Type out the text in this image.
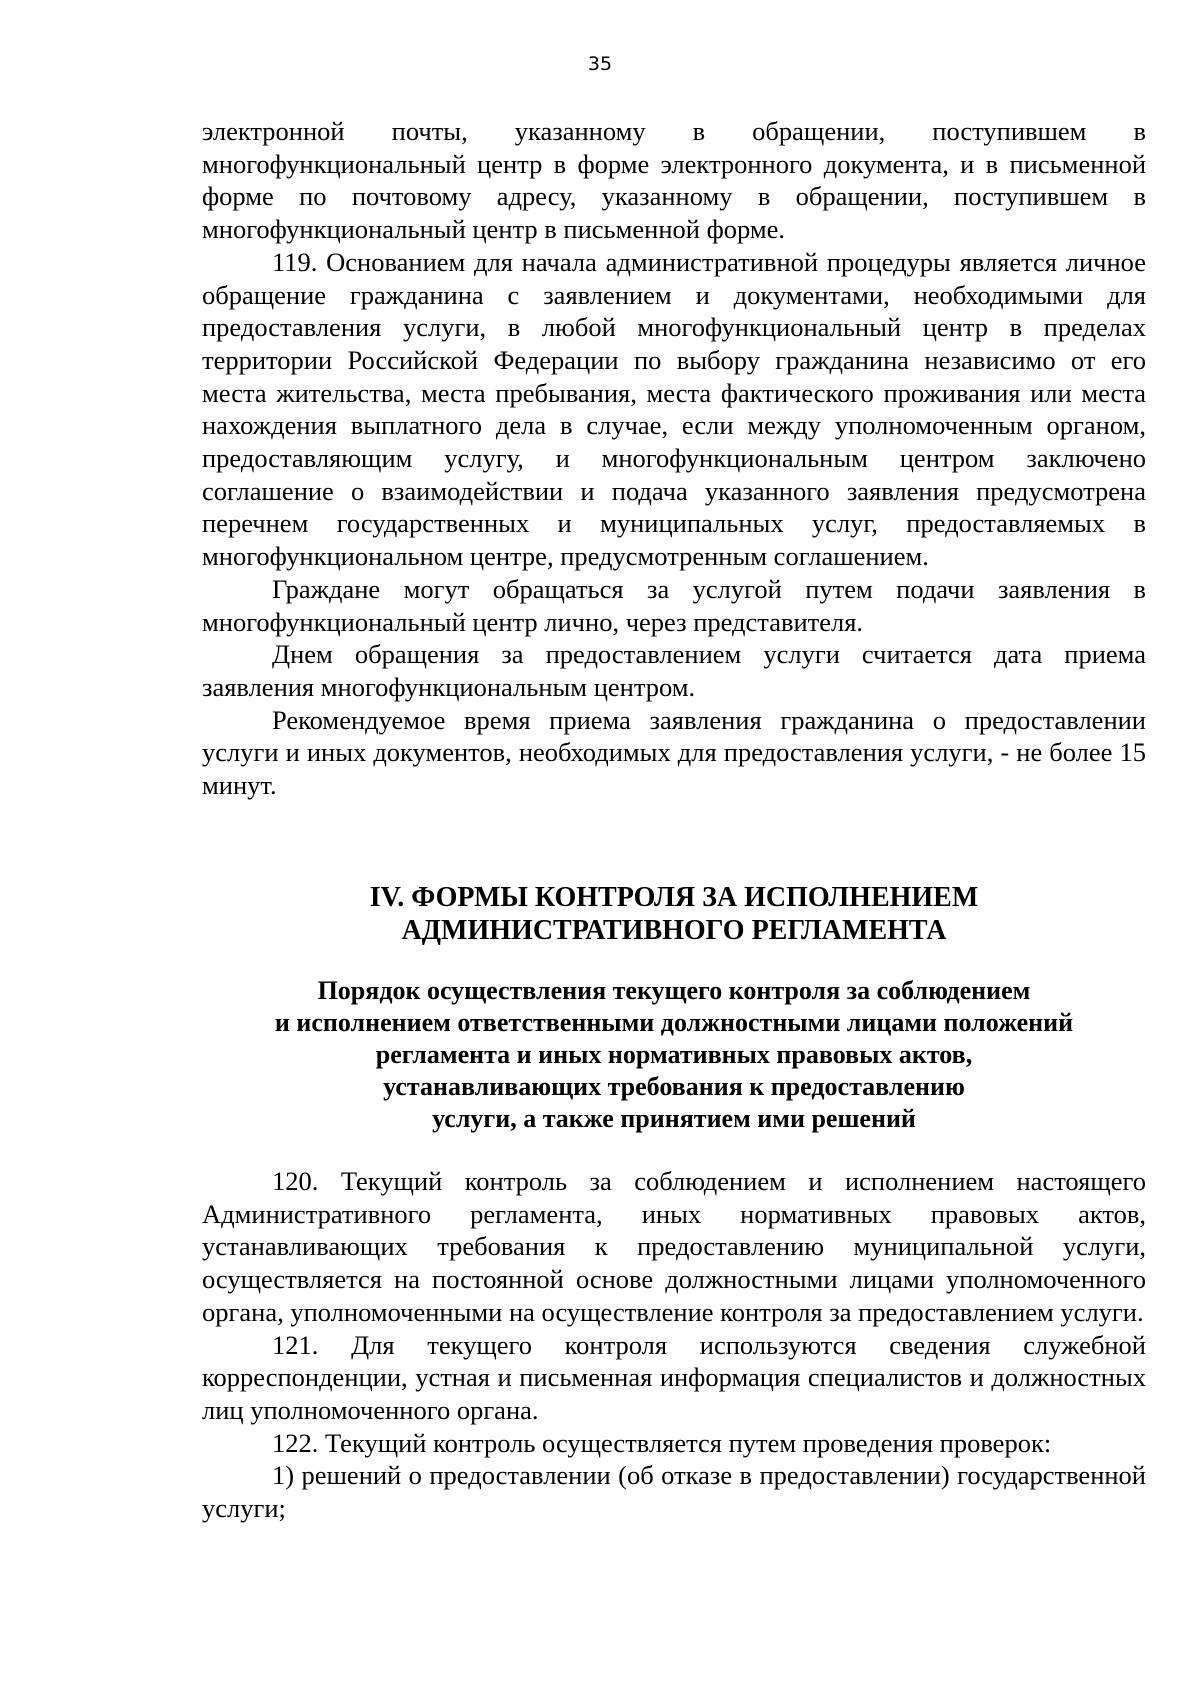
35

электронной почты, указанному в обращении, поступившем в многофункциональный центр в форме электронного документа, и в письменной форме по почтовому адресу, указанному в обращении, поступившем в многофункциональный центр в письменной форме.

119. Основанием для начала административной процедуры является личное обращение гражданина с заявлением и документами, необходимыми для предоставления услуги, в любой многофункциональный центр в пределах территории Российской Федерации по выбору гражданина независимо от его места жительства, места пребывания, места фактического проживания или места нахождения выплатного дела в случае, если между уполномоченным органом, предоставляющим услугу, и многофункциональным центром заключено соглашение о взаимодействии и подача указанного заявления предусмотрена перечнем государственных и муниципальных услуг, предоставляемых в многофункциональном центре, предусмотренным соглашением.

Граждане могут обращаться за услугой путем подачи заявления в многофункциональный центр лично, через представителя.

Днем обращения за предоставлением услуги считается дата приема заявления многофункциональным центром.

Рекомендуемое время приема заявления гражданина о предоставлении услуги и иных документов, необходимых для предоставления услуги, - не более 15 минут.

IV. ФОРМЫ КОНТРОЛЯ ЗА ИСПОЛНЕНИЕМ
АДМИНИСТРАТИВНОГО РЕГЛАМЕНТА
Порядок осуществления текущего контроля за соблюдением
и исполнением ответственными должностными лицами положений
регламента и иных нормативных правовых актов,
устанавливающих требования к предоставлению
услуги, а также принятием ими решений

120. Текущий контроль за соблюдением и исполнением настоящего Административного регламента, иных нормативных правовых актов, устанавливающих требования к предоставлению муниципальной услуги, осуществляется на постоянной основе должностными лицами уполномоченного органа, уполномоченными на осуществление контроля за предоставлением услуги.

121. Для текущего контроля используются сведения служебной корреспонденции, устная и письменная информация специалистов и должностных лиц уполномоченного органа.

122. Текущий контроль осуществляется путем проведения проверок:

1) решений о предоставлении (об отказе в предоставлении) государственной услуги;
